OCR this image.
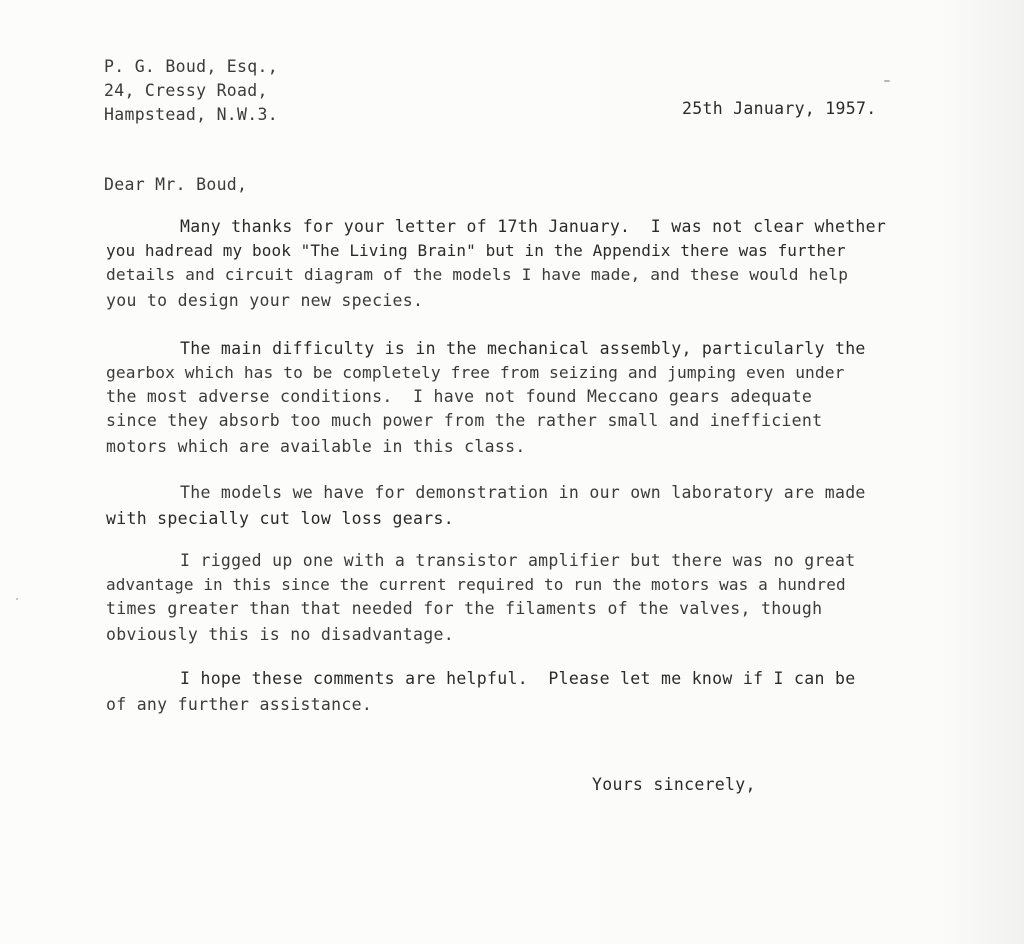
P. G. Boud, Esq.,
24, Cressy Road,
Hampstead, N.W.3.	25th January, 1957.
Dear Mr. Boud,
Many thanks for your letter of 17th January.  I was not clear whether
you hadread my book "The Living Brain" but in the Appendix there was further
details and circuit diagram of the models I have made, and these would help
you to design your new species.
The main difficulty is in the mechanical assembly, particularly the
gearbox which has to be completely free from seizing and jumping even under
the most adverse conditions.  I have not found Meccano gears adequate
since they absorb too much power from the rather small and inefficient
motors which are available in this class.
The models we have for demonstration in our own laboratory are made
with specially cut low loss gears.
I rigged up one with a transistor amplifier but there was no great
advantage in this since the current required to run the motors was a hundred
times greater than that needed for the filaments of the valves, though
obviously this is no disadvantage.
I hope these comments are helpful.  Please let me know if I can be
of any further assistance.
Yours sincerely,
